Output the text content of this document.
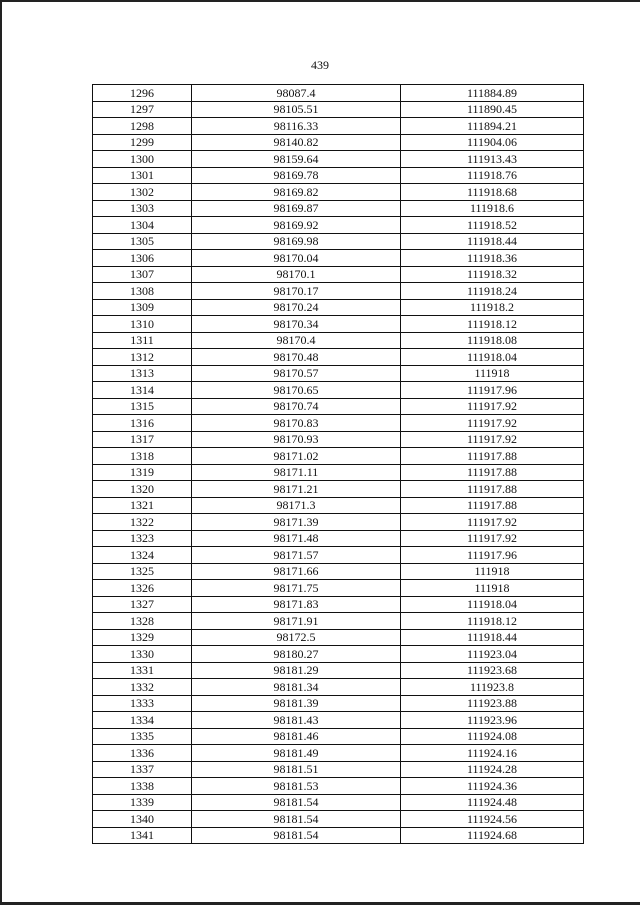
439
1296	98087.4	111884.89
1297	98105.51	111890.45
1298	98116.33	111894.21
1299	98140.82	111904.06
1300	98159.64	111913.43
1301	98169.78	111918.76
1302	98169.82	111918.68
1303	98169.87	111918.6
1304	98169.92	111918.52
1305	98169.98	111918.44
1306	98170.04	111918.36
1307	98170.1	111918.32
1308	98170.17	111918.24
1309	98170.24	111918.2
1310	98170.34	111918.12
1311	98170.4	111918.08
1312	98170.48	111918.04
1313	98170.57	111918
1314	98170.65	111917.96
1315	98170.74	111917.92
1316	98170.83	111917.92
1317	98170.93	111917.92
1318	98171.02	111917.88
1319	98171.11	111917.88
1320	98171.21	111917.88
1321	98171.3	111917.88
1322	98171.39	111917.92
1323	98171.48	111917.92
1324	98171.57	111917.96
1325	98171.66	111918
1326	98171.75	111918
1327	98171.83	111918.04
1328	98171.91	111918.12
1329	98172.5	111918.44
1330	98180.27	111923.04
1331	98181.29	111923.68
1332	98181.34	111923.8
1333	98181.39	111923.88
1334	98181.43	111923.96
1335	98181.46	111924.08
1336	98181.49	111924.16
1337	98181.51	111924.28
1338	98181.53	111924.36
1339	98181.54	111924.48
1340	98181.54	111924.56
1341	98181.54	111924.68
